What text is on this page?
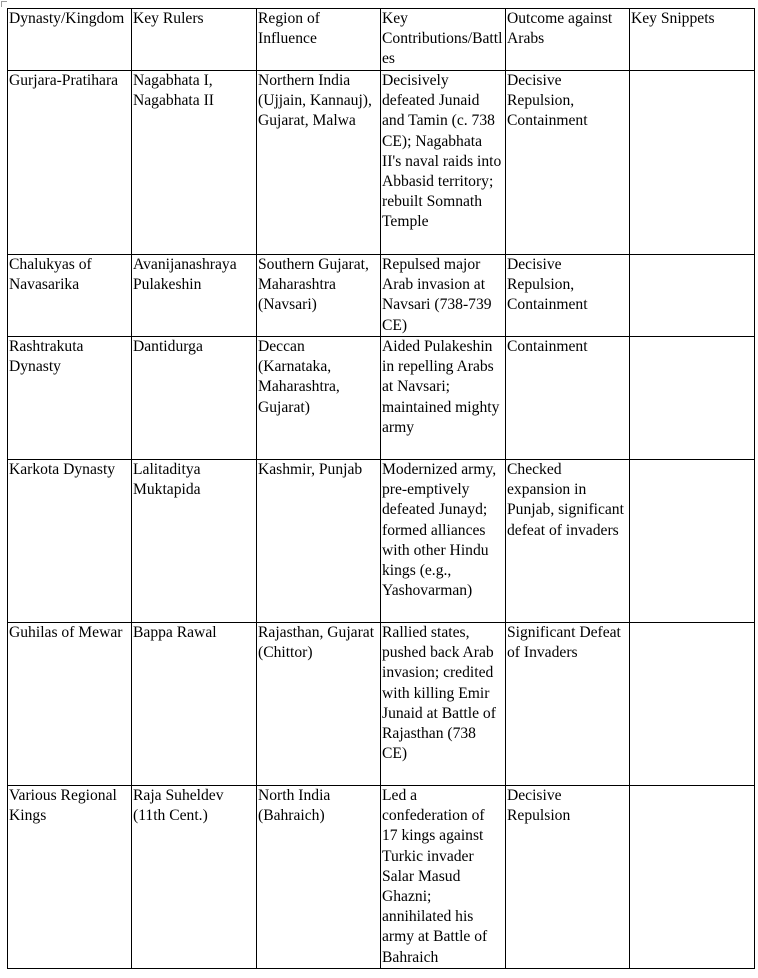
Dynasty/Kingdom	Key Rulers	Region of Influence	Key Contributions/Battles	Outcome against Arabs	Key Snippets

Gurjara-Pratihara	Nagabhata I, Nagabhata II	Northern India (Ujjain, Kannauj), Gujarat, Malwa	Decisively defeated Junaid and Tamin (c. 738 CE); Nagabhata II's naval raids into Abbasid territory; rebuilt Somnath Temple	Decisive Repulsion, Containment	

Chalukyas of Navasarika	Avanijanashraya Pulakeshin	Southern Gujarat, Maharashtra (Navsari)	Repulsed major Arab invasion at Navsari (738-739 CE)	Decisive Repulsion, Containment	

Rashtrakuta Dynasty	Dantidurga	Deccan (Karnataka, Maharashtra, Gujarat)	Aided Pulakeshin in repelling Arabs at Navsari; maintained mighty army	Containment	

Karkota Dynasty	Lalitaditya Muktapida	Kashmir, Punjab	Modernized army, pre-emptively defeated Junayd; formed alliances with other Hindu kings (e.g., Yashovarman)	Checked expansion in Punjab, significant defeat of invaders	

Guhilas of Mewar	Bappa Rawal	Rajasthan, Gujarat (Chittor)	Rallied states, pushed back Arab invasion; credited with killing Emir Junaid at Battle of Rajasthan (738 CE)	Significant Defeat of Invaders	

Various Regional Kings	Raja Suheldev (11th Cent.)	North India (Bahraich)	Led a confederation of 17 kings against Turkic invader Salar Masud Ghazni; annihilated his army at Battle of Bahraich	Decisive Repulsion	
